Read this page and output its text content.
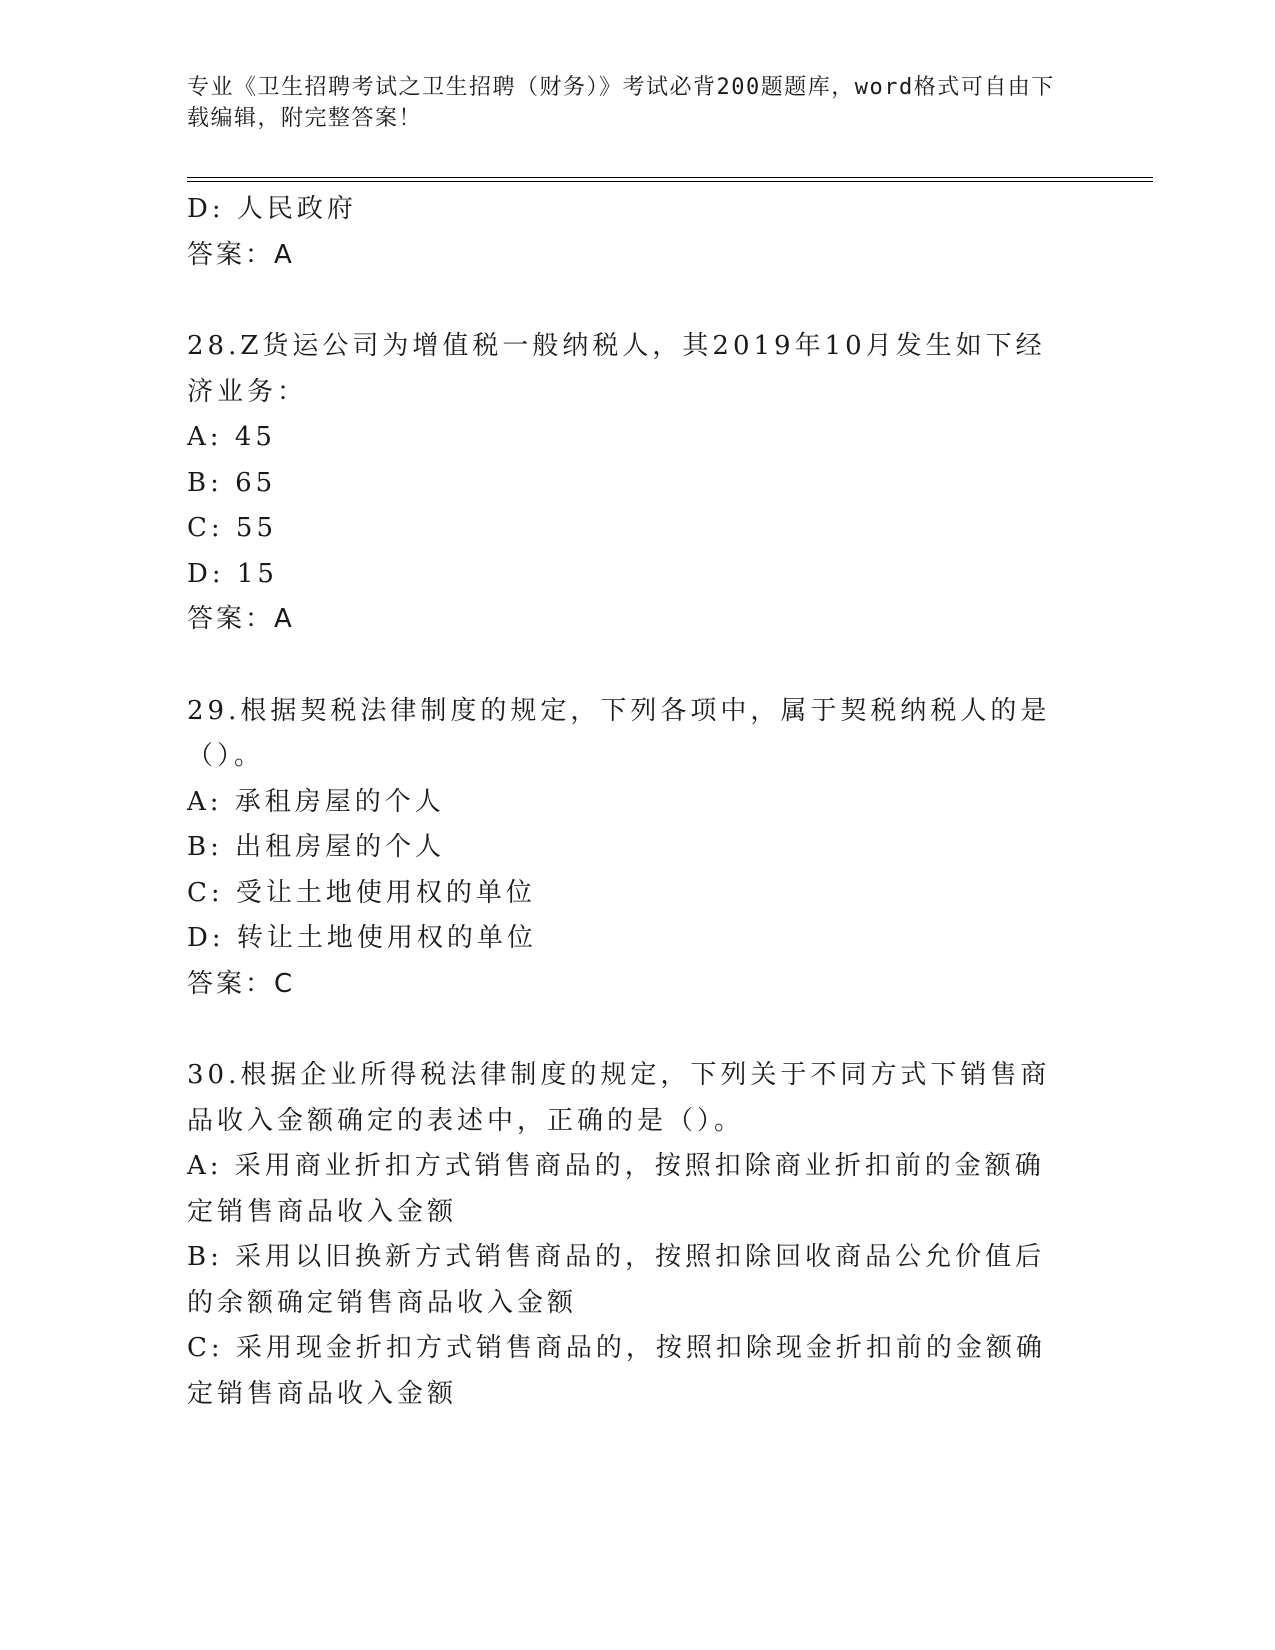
专业《卫生招聘考试之卫生招聘（财务）》考试必背200题题库，word格式可自由下载编辑，附完整答案！

D: 人民政府

答案：A

28.Z货运公司为增值税一般纳税人，其2019年10月发生如下经济业务：

A: 45

B: 65

C: 55

D: 15

答案：A

29.根据契税法律制度的规定，下列各项中，属于契税纳税人的是（）。

A: 承租房屋的个人

B: 出租房屋的个人

C: 受让土地使用权的单位

D: 转让土地使用权的单位

答案：C

30.根据企业所得税法律制度的规定，下列关于不同方式下销售商品收入金额确定的表述中，正确的是（）。

A: 采用商业折扣方式销售商品的，按照扣除商业折扣前的金额确定销售商品收入金额

B: 采用以旧换新方式销售商品的，按照扣除回收商品公允价值后的余额确定销售商品收入金额

C: 采用现金折扣方式销售商品的，按照扣除现金折扣前的金额确定销售商品收入金额
